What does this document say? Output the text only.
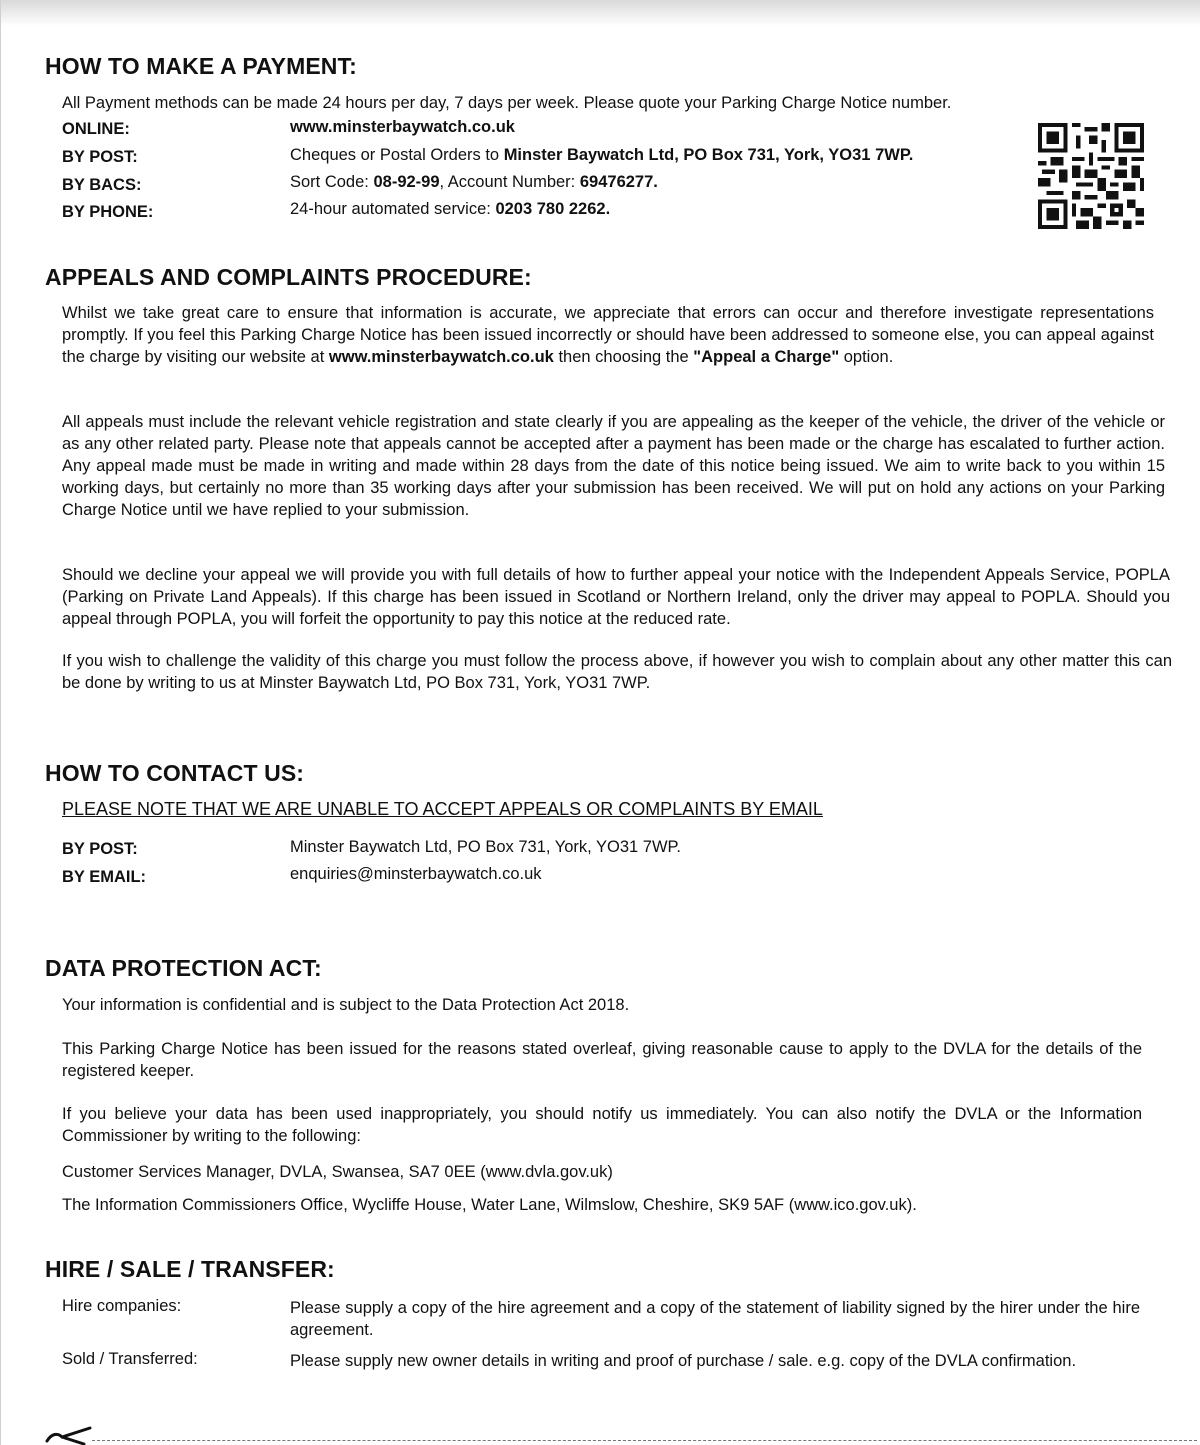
HOW TO MAKE A PAYMENT:

All Payment methods can be made 24 hours per day, 7 days per week. Please quote your Parking Charge Notice number.

ONLINE:	www.minsterbaywatch.co.uk
BY POST:	Cheques or Postal Orders to Minster Baywatch Ltd, PO Box 731, York, YO31 7WP.
BY BACS:	Sort Code: 08-92-99, Account Number: 69476277.
BY PHONE:	24-hour automated service: 0203 780 2262.
APPEALS AND COMPLAINTS PROCEDURE:

Whilst we take great care to ensure that information is accurate, we appreciate that errors can occur and therefore investigate representations promptly. If you feel this Parking Charge Notice has been issued incorrectly or should have been addressed to someone else, you can appeal against the charge by visiting our website at www.minsterbaywatch.co.uk then choosing the "Appeal a Charge" option.

All appeals must include the relevant vehicle registration and state clearly if you are appealing as the keeper of the vehicle, the driver of the vehicle or as any other related party. Please note that appeals cannot be accepted after a payment has been made or the charge has escalated to further action. Any appeal made must be made in writing and made within 28 days from the date of this notice being issued. We aim to write back to you within 15 working days, but certainly no more than 35 working days after your submission has been received. We will put on hold any actions on your Parking Charge Notice until we have replied to your submission.

Should we decline your appeal we will provide you with full details of how to further appeal your notice with the Independent Appeals Service, POPLA (Parking on Private Land Appeals). If this charge has been issued in Scotland or Northern Ireland, only the driver may appeal to POPLA. Should you appeal through POPLA, you will forfeit the opportunity to pay this notice at the reduced rate.

If you wish to challenge the validity of this charge you must follow the process above, if however you wish to complain about any other matter this can be done by writing to us at Minster Baywatch Ltd, PO Box 731, York, YO31 7WP.

HOW TO CONTACT US:

PLEASE NOTE THAT WE ARE UNABLE TO ACCEPT APPEALS OR COMPLAINTS BY EMAIL

BY POST:	Minster Baywatch Ltd, PO Box 731, York, YO31 7WP.
BY EMAIL:	enquiries@minsterbaywatch.co.uk
DATA PROTECTION ACT:

Your information is confidential and is subject to the Data Protection Act 2018.

This Parking Charge Notice has been issued for the reasons stated overleaf, giving reasonable cause to apply to the DVLA for the details of the registered keeper.

If you believe your data has been used inappropriately, you should notify us immediately. You can also notify the DVLA or the Information Commissioner by writing to the following:

Customer Services Manager, DVLA, Swansea, SA7 0EE (www.dvla.gov.uk)

The Information Commissioners Office, Wycliffe House, Water Lane, Wilmslow, Cheshire, SK9 5AF (www.ico.gov.uk).

HIRE / SALE / TRANSFER:
Hire companies:	Please supply a copy of the hire agreement and a copy of the statement of liability signed by the hirer under the hire agreement.

Sold / Transferred:	Please supply new owner details in writing and proof of purchase / sale. e.g. copy of the DVLA confirmation.
